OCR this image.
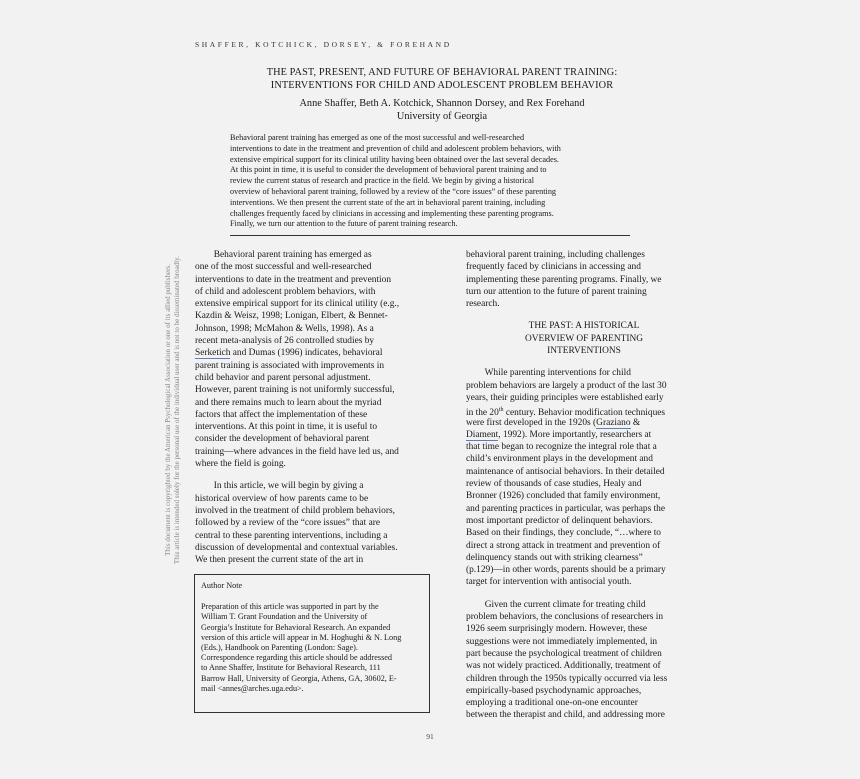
SHAFFER, KOTCHICK, DORSEY, & FOREHAND
THE PAST, PRESENT, AND FUTURE OF BEHAVIORAL PARENT TRAINING:
INTERVENTIONS FOR CHILD AND ADOLESCENT PROBLEM BEHAVIOR
Anne Shaffer, Beth A. Kotchick, Shannon Dorsey, and Rex Forehand
University of Georgia
Behavioral parent training has emerged as one of the most successful and well-researched
interventions to date in the treatment and prevention of child and adolescent problem behaviors, with
extensive empirical support for its clinical utility having been obtained over the last several decades.
At this point in time, it is useful to consider the development of behavioral parent training and to
review the current status of research and practice in the field. We begin by giving a historical
overview of behavioral parent training, followed by a review of the “core issues” of these parenting
interventions. We then present the current state of the art in behavioral parent training, including
challenges frequently faced by clinicians in accessing and implementing these parenting programs.
Finally, we turn our attention to the future of parent training research.
This document is copyrighted by the American Psychological Association or one of its allied publishers. This article is intended solely for the personal use of the individual user and is not to be disseminated broadly.
Behavioral parent training has emerged as
one of the most successful and well-researched
interventions to date in the treatment and prevention
of child and adolescent problem behaviors, with
extensive empirical support for its clinical utility (e.g.,
Kazdin & Weisz, 1998; Lonigan, Elbert, & Bennet-
Johnson, 1998; McMahon & Wells, 1998). As a
recent meta-analysis of 26 controlled studies by
Serketich and Dumas (1996) indicates, behavioral
parent training is associated with improvements in
child behavior and parent personal adjustment.
However, parent training is not uniformly successful,
and there remains much to learn about the myriad
factors that affect the implementation of these
interventions. At this point in time, it is useful to
consider the development of behavioral parent
training—where advances in the field have led us, and
where the field is going.
In this article, we will begin by giving a
historical overview of how parents came to be
involved in the treatment of child problem behaviors,
followed by a review of the “core issues” that are
central to these parenting interventions, including a
discussion of developmental and contextual variables.
We then present the current state of the art in
Author Note
Preparation of this article was supported in part by the
William T. Grant Foundation and the University of
Georgia’s Institute for Behavioral Research. An expanded
version of this article will appear in M. Hoghughi & N. Long
(Eds.), Handbook on Parenting (London: Sage).
Correspondence regarding this article should be addressed
to Anne Shaffer, Institute for Behavioral Research, 111
Barrow Hall, University of Georgia, Athens, GA, 30602, E-
mail <annes@arches.uga.edu>.
behavioral parent training, including challenges
frequently faced by clinicians in accessing and
implementing these parenting programs. Finally, we
turn our attention to the future of parent training
research.
THE PAST: A HISTORICAL
OVERVIEW OF PARENTING
INTERVENTIONS
While parenting interventions for child
problem behaviors are largely a product of the last 30
years, their guiding principles were established early
in the 20th century. Behavior modification techniques
were first developed in the 1920s (Graziano &
Diament, 1992). More importantly, researchers at
that time began to recognize the integral role that a
child’s environment plays in the development and
maintenance of antisocial behaviors. In their detailed
review of thousands of case studies, Healy and
Bronner (1926) concluded that family environment,
and parenting practices in particular, was perhaps the
most important predictor of delinquent behaviors.
Based on their findings, they conclude, “…where to
direct a strong attack in treatment and prevention of
delinquency stands out with striking clearness”
(p.129)—in other words, parents should be a primary
target for intervention with antisocial youth.
Given the current climate for treating child
problem behaviors, the conclusions of researchers in
1926 seem surprisingly modern. However, these
suggestions were not immediately implemented, in
part because the psychological treatment of children
was not widely practiced. Additionally, treatment of
children through the 1950s typically occurred via less
empirically-based psychodynamic approaches,
employing a traditional one-on-one encounter
between the therapist and child, and addressing more
91
